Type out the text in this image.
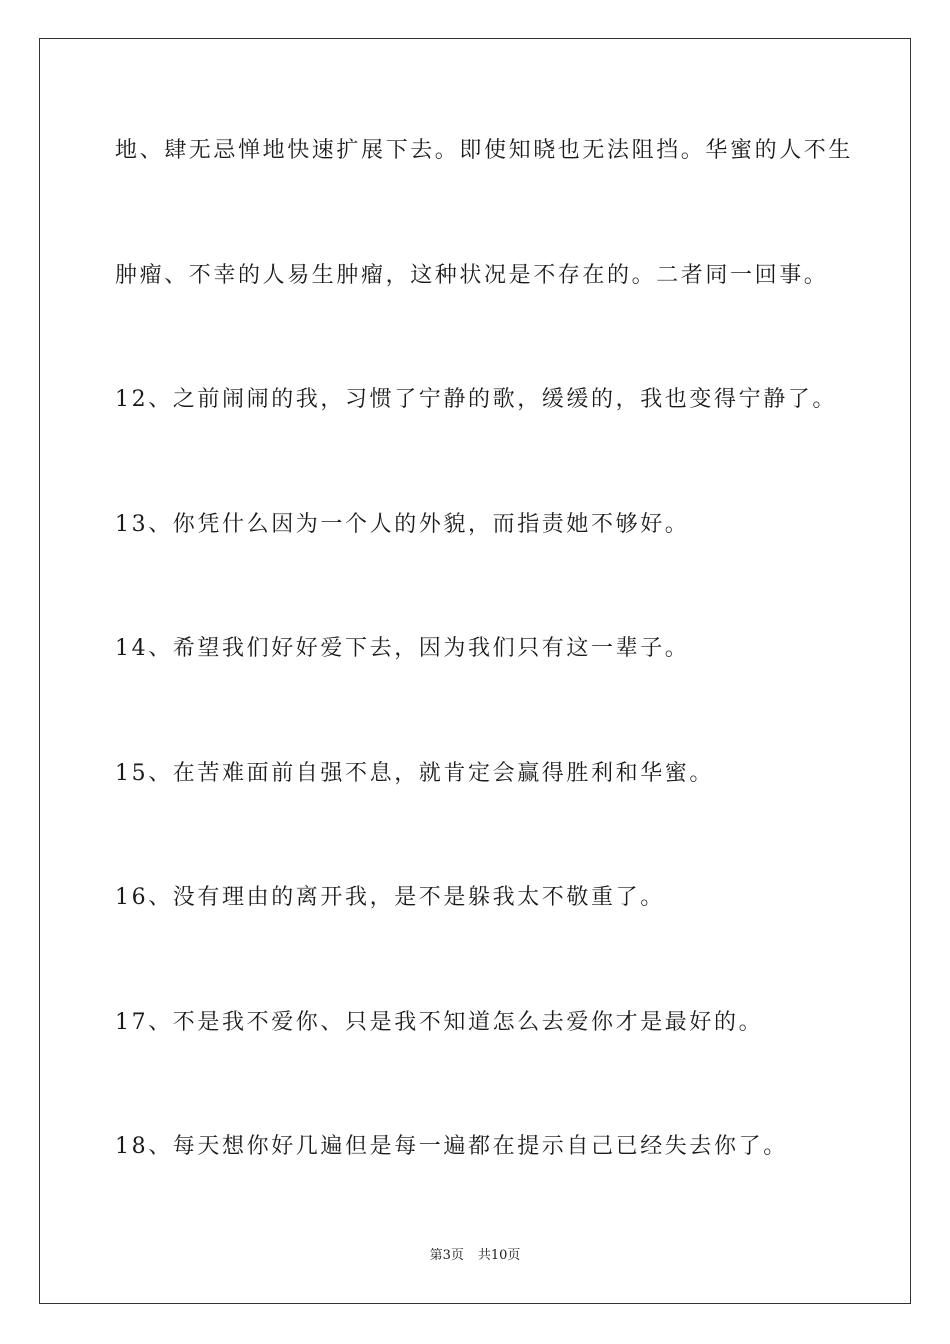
地、肆无忌惮地快速扩展下去。即使知晓也无法阻挡。华蜜的人不生
肿瘤、不幸的人易生肿瘤，这种状况是不存在的。二者同一回事。
12、之前闹闹的我，习惯了宁静的歌，缓缓的，我也变得宁静了。
13、你凭什么因为一个人的外貌，而指责她不够好。
14、希望我们好好爱下去，因为我们只有这一辈子。
15、在苦难面前自强不息，就肯定会赢得胜利和华蜜。
16、没有理由的离开我，是不是躲我太不敬重了。
17、不是我不爱你、只是我不知道怎么去爱你才是最好的。
18、每天想你好几遍但是每一遍都在提示自己已经失去你了。
第3页 共10页
